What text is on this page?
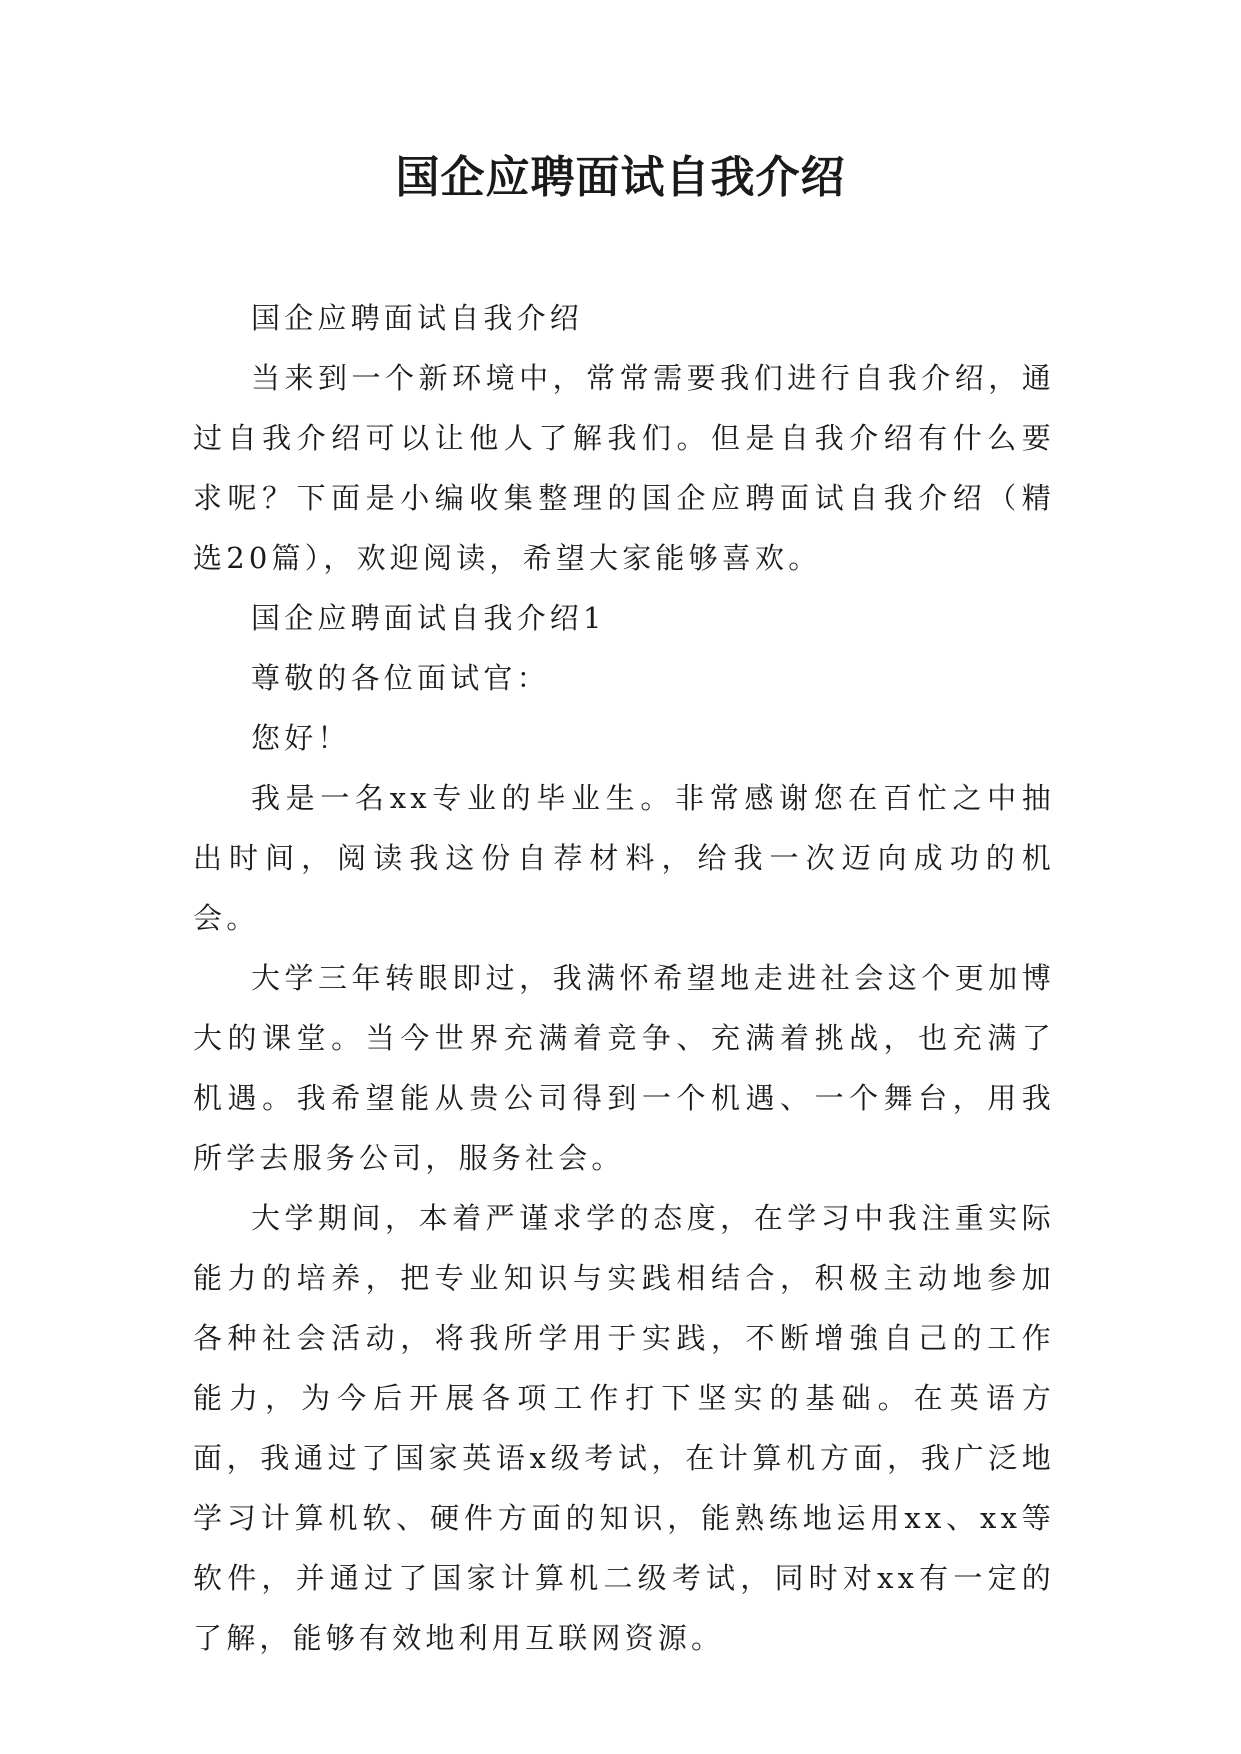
国企应聘面试自我介绍

国企应聘面试自我介绍

当来到一个新环境中，常常需要我们进行自我介绍，通过自我介绍可以让他人了解我们。但是自我介绍有什么要求呢？下面是小编收集整理的国企应聘面试自我介绍（精选20篇），欢迎阅读，希望大家能够喜欢。

国企应聘面试自我介绍1

尊敬的各位面试官：

您好！

我是一名xx专业的毕业生。非常感谢您在百忙之中抽出时间，阅读我这份自荐材料，给我一次迈向成功的机会。

大学三年转眼即过，我满怀希望地走进社会这个更加博大的课堂。当今世界充满着竞争、充满着挑战，也充满了机遇。我希望能从贵公司得到一个机遇、一个舞台，用我所学去服务公司，服务社会。

大学期间，本着严谨求学的态度，在学习中我注重实际能力的培养，把专业知识与实践相结合，积极主动地参加各种社会活动，将我所学用于实践，不断增強自己的工作能力，为今后开展各项工作打下坚实的基础。在英语方面，我通过了国家英语x级考试，在计算机方面，我广泛地学习计算机软、硬件方面的知识，能熟练地运用xx、xx等软件，并通过了国家计算机二级考试，同时对xx有一定的了解，能够有效地利用互联网资源。
